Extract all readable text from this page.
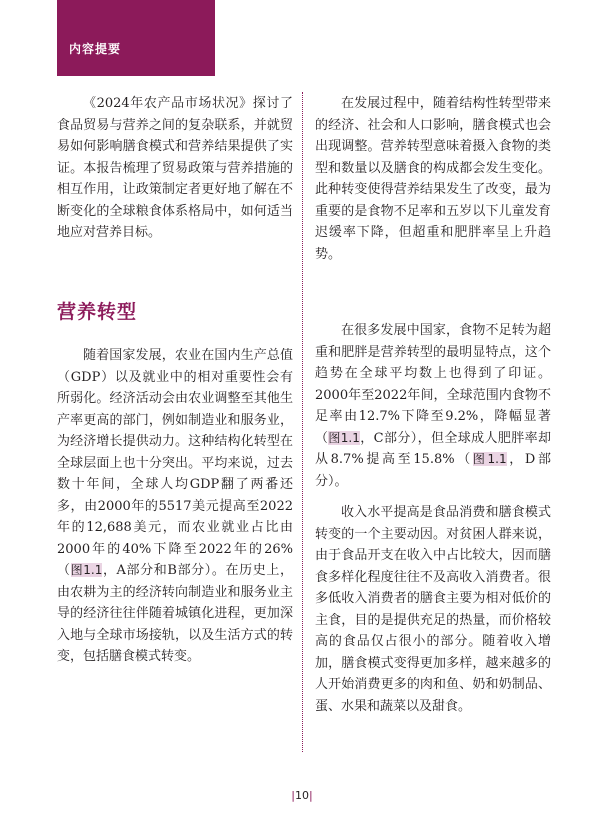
内容提要

《2024年农产品市场状况》探讨了食品贸易与营养之间的复杂联系，并就贸易如何影响膳食模式和营养结果提供了实证。本报告梳理了贸易政策与营养措施的相互作用，让政策制定者更好地了解在不断变化的全球粮食体系格局中，如何适当地应对营养目标。

营养转型

随着国家发展，农业在国内生产总值（GDP）以及就业中的相对重要性会有所弱化。经济活动会由农业调整至其他生产率更高的部门，例如制造业和服务业，为经济增长提供动力。这种结构化转型在全球层面上也十分突出。平均来说，过去数十年间，全球人均GDP翻了两番还多，由2000年的5517美元提高至2022年的12,688美元，而农业就业占比由2000年的40%下降至2022年的26%（图1.1，A部分和B部分）。在历史上，由农耕为主的经济转向制造业和服务业主导的经济往往伴随着城镇化进程，更加深入地与全球市场接轨，以及生活方式的转变，包括膳食模式转变。

在发展过程中，随着结构性转型带来的经济、社会和人口影响，膳食模式也会出现调整。营养转型意味着摄入食物的类型和数量以及膳食的构成都会发生变化。此种转变使得营养结果发生了改变，最为重要的是食物不足率和五岁以下儿童发育迟缓率下降，但超重和肥胖率呈上升趋势。

在很多发展中国家，食物不足转为超重和肥胖是营养转型的最明显特点，这个趋势在全球平均数上也得到了印证。2000年至2022年间，全球范围内食物不足率由12.7%下降至9.2%，降幅显著（图1.1，C部分），但全球成人肥胖率却从8.7%提高至15.8%（图1.1，D部分）。

收入水平提高是食品消费和膳食模式转变的一个主要动因。对贫困人群来说，由于食品开支在收入中占比较大，因而膳食多样化程度往往不及高收入消费者。很多低收入消费者的膳食主要为相对低价的主食，目的是提供充足的热量，而价格较高的食品仅占很小的部分。随着收入增加，膳食模式变得更加多样，越来越多的人开始消费更多的肉和鱼、奶和奶制品、蛋、水果和蔬菜以及甜食。

|10|
